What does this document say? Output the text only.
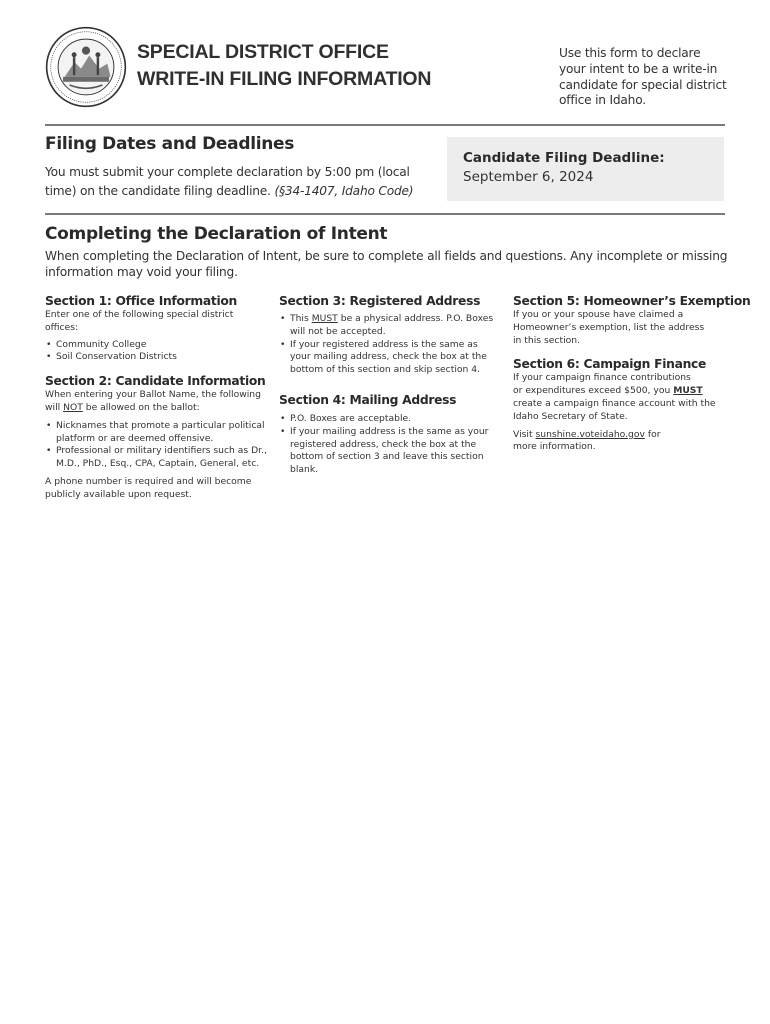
SPECIAL DISTRICT OFFICE
WRITE-IN FILING INFORMATION
Use this form to declare
your intent to be a write-in
candidate for special district
office in Idaho.
Filing Dates and Deadlines

You must submit your complete declaration by 5:00 pm (local
time) on the candidate filing deadline. (§34-1407, Idaho Code)

Candidate Filing Deadline:
September 6, 2024
Completing the Declaration of Intent

When completing the Declaration of Intent, be sure to complete all fields and questions. Any incomplete or missing
information may void your filing.

Section 1: Office Information

Enter one of the following special district
offices:

• Community College
• Soil Conservation Districts
Section 2: Candidate Information

When entering your Ballot Name, the following
will NOT be allowed on the ballot:

• Nicknames that promote a particular political
platform or are deemed offensive.
• Professional or military identifiers such as Dr.,
M.D., PhD., Esq., CPA, Captain, General, etc.

A phone number is required and will become
publicly available upon request.

Section 3: Registered Address
• This MUST be a physical address. P.O. Boxes
will not be accepted.
• If your registered address is the same as
your mailing address, check the box at the
bottom of this section and skip section 4.
Section 4: Mailing Address
• P.O. Boxes are acceptable.
• If your mailing address is the same as your
registered address, check the box at the
bottom of section 3 and leave this section
blank.
Section 5: Homeowner’s Exemption

If you or your spouse have claimed a
Homeowner’s exemption, list the address
in this section.

Section 6: Campaign Finance

If your campaign finance contributions
or expenditures exceed $500, you MUST
create a campaign finance account with the
Idaho Secretary of State.

Visit sunshine.voteidaho.gov for
more information.
